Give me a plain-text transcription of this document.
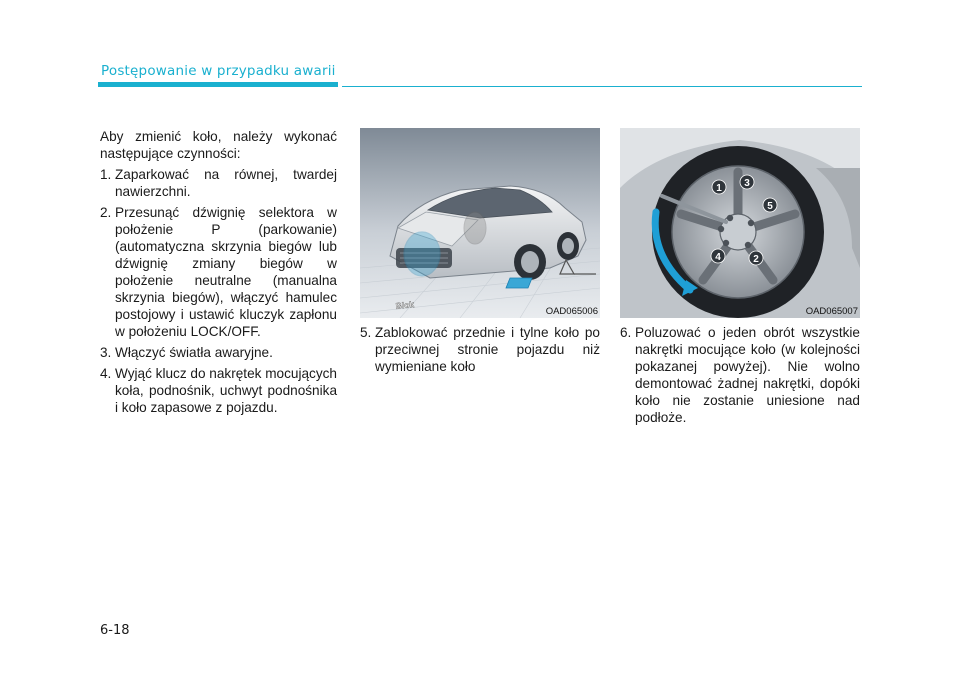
Postępowanie w przypadku awarii

Aby zmienić koło, należy wykonać następujące czynności:

1. Zaparkować na równej, twardej nawierzchni.
2. Przesunąć dźwignię selektora w położenie P (parkowanie) (automatyczna skrzynia biegów lub dźwignię zmiany biegów w położenie neutralne (manualna skrzynia biegów), włączyć hamulec postojowy i ustawić kluczyk zapłonu w położeniu LOCK/OFF.
3. Włączyć światła awaryjne.
4. Wyjąć klucz do nakrętek mocujących koła, podnośnik, uchwyt podnośnika i koło zapasowe z pojazdu.
Blok
OAD065006
1
2
3
4
5
OAD065007
5. Zablokować przednie i tylne koło po przeciwnej stronie pojazdu niż wymieniane koło
6. Poluzować o jeden obrót wszystkie nakrętki mocujące koło (w kolejności pokazanej powyżej). Nie wolno demontować żadnej nakrętki, dopóki koło nie zostanie uniesione nad podłoże.
6-18
